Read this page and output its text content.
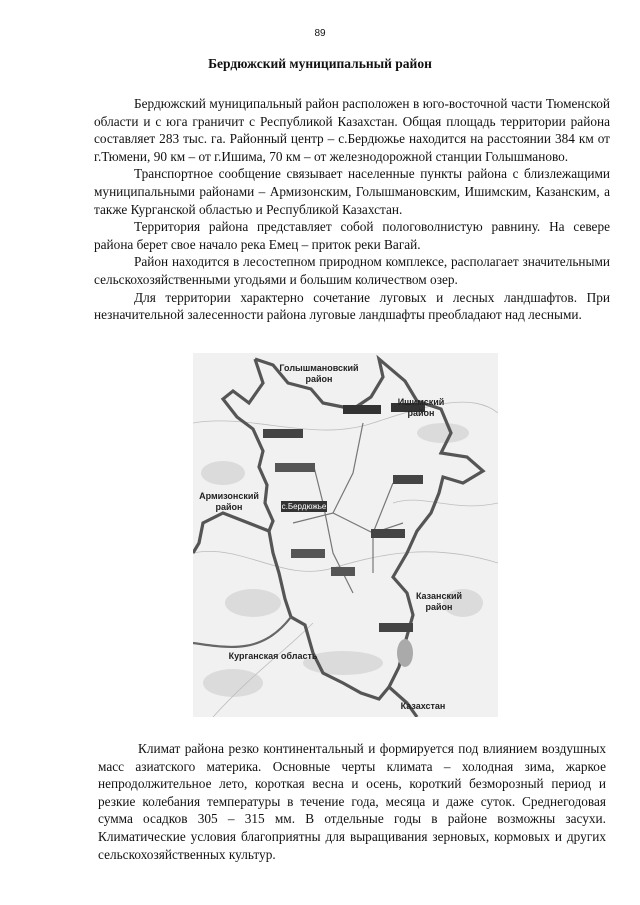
89
Бердюжский муниципальный район

Бердюжский муниципальный район расположен в юго-восточной части Тюменской области и с юга граничит с Республикой Казахстан. Общая площадь территории района составляет 283 тыс. га. Районный центр – с.Бердюжье находится на расстоянии 384 км от г.Тюмени, 90 км – от г.Ишима, 70 км – от железнодорожной станции Голышманово.

Транспортное сообщение связывает населенные пункты района с близлежащими муниципальными районами – Армизонским, Голышмановским, Ишимским, Казанским, а также Курганской областью и Республикой Казахстан.

Территория района представляет собой пологоволнистую равнину. На севере района берет свое начало река Емец – приток реки Вагай.

Район находится в лесостепном природном комплексе, располагает значительными сельскохозяйственными угодьями и большим количеством озер.

Для территории характерно сочетание луговых и лесных ландшафтов. При незначительной залесенности района луговые ландшафты преобладают над лесными.

с.Бердюжье
Голышмановский
район
Ишимский
район
Армизонский
район
Казанский
район
Курганская область
Казахстан

Климат района резко континентальный и формируется под влиянием воздушных масс азиатского материка. Основные черты климата – холодная зима, жаркое непродолжительное лето, короткая весна и осень, короткий безморозный период и резкие колебания температуры в течение года, месяца и даже суток. Среднегодовая сумма осадков 305 – 315 мм. В отдельные годы в районе возможны засухи. Климатические условия благоприятны для выращивания зерновых, кормовых и других сельскохозяйственных культур.
